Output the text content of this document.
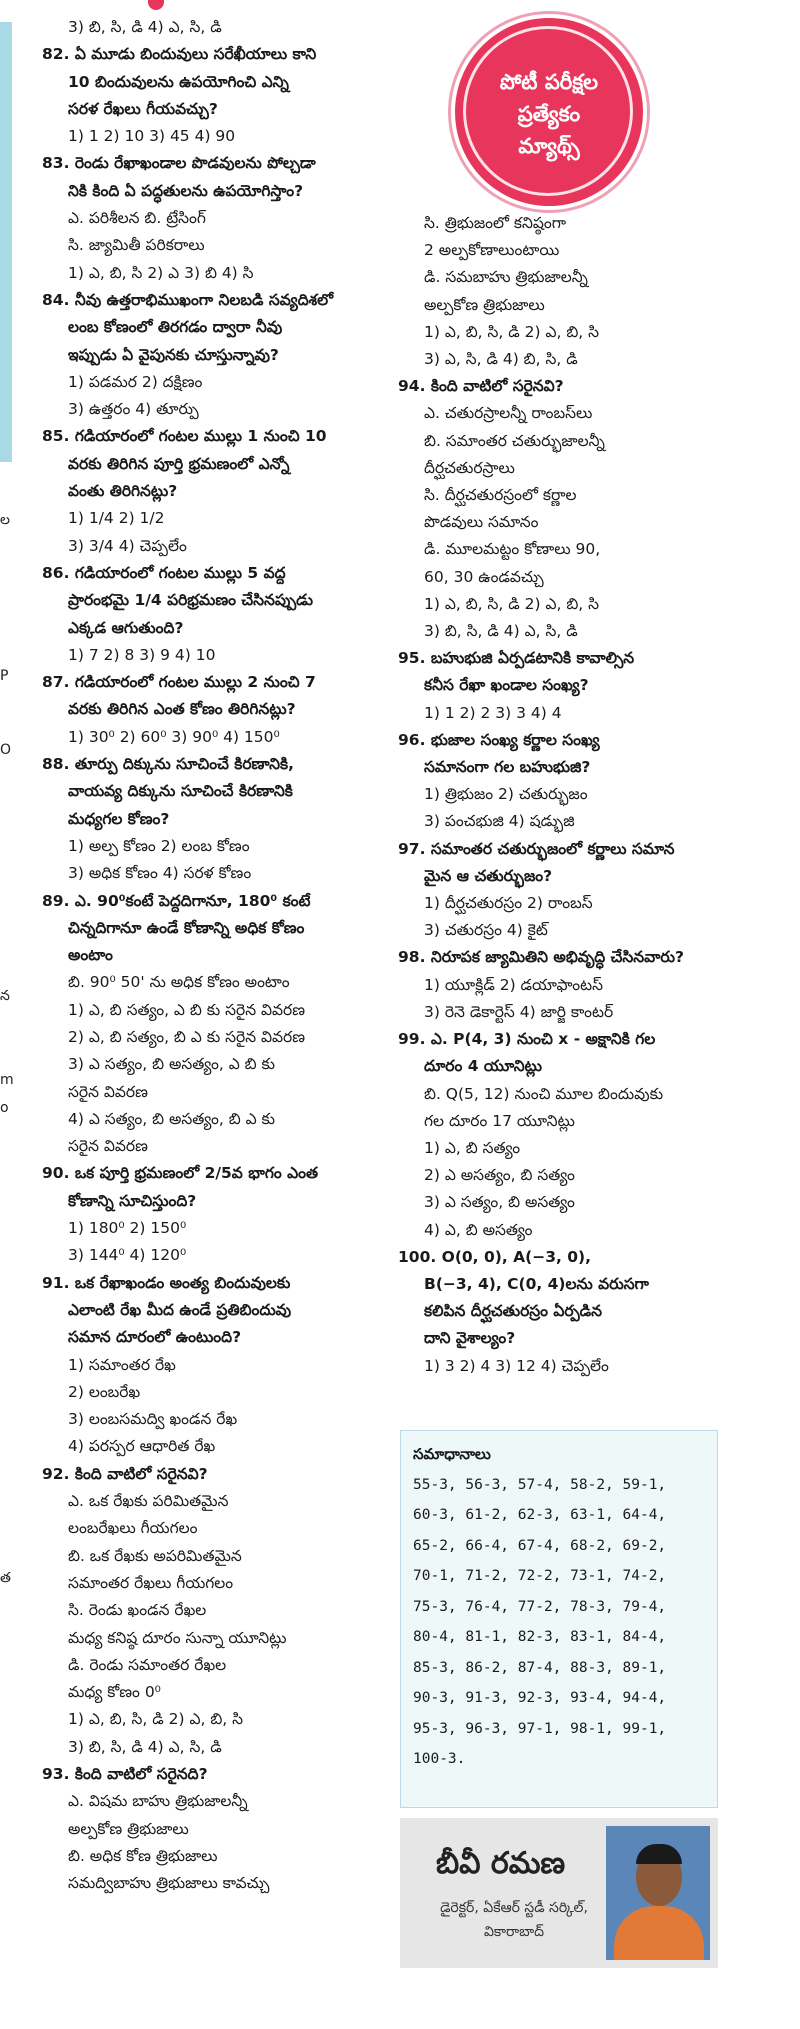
ల
P
O
న
m
o
త
3) బి, సి, డి 4) ఎ, సి, డి
82. ఏ మూడు బిందువులు సరేఖీయాలు కాని
10 బిందువులను ఉపయోగించి ఎన్ని
సరళ రేఖలు గీయవచ్చు?
1) 1 2) 10 3) 45 4) 90
83. రెండు రేఖాఖండాల పొడవులను పోల్చడా
నికి కింది ఏ పద్ధతులను ఉపయోగిస్తాం?
ఎ. పరిశీలన బి. ట్రేసింగ్
సి. జ్యామితీ పరికరాలు
1) ఎ, బి, సి 2) ఎ 3) బి 4) సి
84. నీవు ఉత్తరాభిముఖంగా నిలబడి సవ్యదిశలో
లంబ కోణంలో తిరగడం ద్వారా నీవు
ఇప్పుడు ఏ వైపునకు చూస్తున్నావు?
1) పడమర 2) దక్షిణం
3) ఉత్తరం 4) తూర్పు
85. గడియారంలో గంటల ముల్లు 1 నుంచి 10
వరకు తిరిగిన పూర్తి భ్రమణంలో ఎన్నో
వంతు తిరిగినట్లు?
1) 1/4 2) 1/2
3) 3/4 4) చెప్పలేం
86. గడియారంలో గంటల ముల్లు 5 వద్ద
ప్రారంభమై 1/4 పరిభ్రమణం చేసినప్పుడు
ఎక్కడ ఆగుతుంది?
1) 7 2) 8 3) 9 4) 10
87. గడియారంలో గంటల ముల్లు 2 నుంచి 7
వరకు తిరిగిన ఎంత కోణం తిరిగినట్లు?
1) 30⁰ 2) 60⁰ 3) 90⁰ 4) 150⁰
88. తూర్పు దిక్కును సూచించే కిరణానికి,
వాయవ్య దిక్కును సూచించే కిరణానికి
మధ్యగల కోణం?
1) అల్ప కోణం 2) లంబ కోణం
3) అధిక కోణం 4) సరళ కోణం
89. ఎ. 90⁰కంటే పెద్దదిగానూ, 180⁰ కంటే
చిన్నదిగానూ ఉండే కోణాన్ని అధిక కోణం
అంటాం
బి. 90⁰ 50' ను అధిక కోణం అంటాం
1) ఎ, బి సత్యం, ఎ బి కు సరైన వివరణ
2) ఎ, బి సత్యం, బి ఎ కు సరైన వివరణ
3) ఎ సత్యం, బి అసత్యం, ఎ బి కు
సరైన వివరణ
4) ఎ సత్యం, బి అసత్యం, బి ఎ కు
సరైన వివరణ
90. ఒక పూర్తి భ్రమణంలో 2/5వ భాగం ఎంత
కోణాన్ని సూచిస్తుంది?
1) 180⁰ 2) 150⁰
3) 144⁰ 4) 120⁰
91. ఒక రేఖాఖండం అంత్య బిందువులకు
ఎలాంటి రేఖ మీద ఉండే ప్రతిబిందువు
సమాన దూరంలో ఉంటుంది?
1) సమాంతర రేఖ
2) లంబరేఖ
3) లంబసమద్వి ఖండన రేఖ
4) పరస్పర ఆధారిత రేఖ
92. కింది వాటిలో సరైనవి?
ఎ. ఒక రేఖకు పరిమితమైన
లంబరేఖలు గీయగలం
బి. ఒక రేఖకు అపరిమితమైన
సమాంతర రేఖలు గీయగలం
సి. రెండు ఖండన రేఖల
మధ్య కనిష్ఠ దూరం సున్నా యూనిట్లు
డి. రెండు సమాంతర రేఖల
మధ్య కోణం 0⁰
1) ఎ, బి, సి, డి 2) ఎ, బి, సి
3) బి, సి, డి 4) ఎ, సి, డి
93. కింది వాటిలో సరైనది?
ఎ. విషమ బాహు త్రిభుజాలన్నీ
అల్పకోణ త్రిభుజాలు
బి. అధిక కోణ త్రిభుజాలు
సమద్విబాహు త్రిభుజాలు కావచ్చు
పోటీ పరీక్షల
ప్రత్యేకం
మ్యాథ్స్
సి. త్రిభుజంలో కనిష్ఠంగా
2 అల్పకోణాలుంటాయి
డి. సమబాహు త్రిభుజాలన్నీ
అల్పకోణ త్రిభుజాలు
1) ఎ, బి, సి, డి 2) ఎ, బి, సి
3) ఎ, సి, డి 4) బి, సి, డి
94. కింది వాటిలో సరైనవి?
ఎ. చతురస్రాలన్నీ రాంబస్‌లు
బి. సమాంతర చతుర్భుజాలన్నీ
దీర్ఘచతురస్రాలు
సి. దీర్ఘచతురస్రంలో కర్ణాల
పొడవులు సమానం
డి. మూలమట్టం కోణాలు 90,
60, 30 ఉండవచ్చు
1) ఎ, బి, సి, డి 2) ఎ, బి, సి
3) బి, సి, డి 4) ఎ, సి, డి
95. బహుభుజి ఏర్పడటానికి కావాల్సిన
కనీస రేఖా ఖండాల సంఖ్య?
1) 1 2) 2 3) 3 4) 4
96. భుజాల సంఖ్య కర్ణాల సంఖ్య
సమానంగా గల బహుభుజి?
1) త్రిభుజం 2) చతుర్భుజం
3) పంచభుజి 4) షడ్భుజి
97. సమాంతర చతుర్భుజంలో కర్ణాలు సమాన
మైన ఆ చతుర్భుజం?
1) దీర్ఘచతురస్రం 2) రాంబస్
3) చతురస్రం 4) కైట్
98. నిరూపక జ్యామితిని అభివృద్ధి చేసినవారు?
1) యూక్లిడ్ 2) డయాఫాంటస్
3) రెనె డెకార్టెస్ 4) జార్జి కాంటర్
99. ఎ. P(4, 3) నుంచి x - అక్షానికి గల
దూరం 4 యూనిట్లు
బి. Q(5, 12) నుంచి మూల బిందువుకు
గల దూరం 17 యూనిట్లు
1) ఎ, బి సత్యం
2) ఎ అసత్యం, బి సత్యం
3) ఎ సత్యం, బి అసత్యం
4) ఎ, బి అసత్యం
100. O(0, 0), A(−3, 0),
B(−3, 4), C(0, 4)లను వరుసగా
కలిపిన దీర్ఘచతురస్రం ఏర్పడిన
దాని వైశాల్యం?
1) 3 2) 4 3) 12 4) చెప్పలేం
సమాధానాలు
55-3, 56-3, 57-4, 58-2, 59-1,
60-3, 61-2, 62-3, 63-1, 64-4,
65-2, 66-4, 67-4, 68-2, 69-2,
70-1, 71-2, 72-2, 73-1, 74-2,
75-3, 76-4, 77-2, 78-3, 79-4,
80-4, 81-1, 82-3, 83-1, 84-4,
85-3, 86-2, 87-4, 88-3, 89-1,
90-3, 91-3, 92-3, 93-4, 94-4,
95-3, 96-3, 97-1, 98-1, 99-1,
100-3.
బీవీ రమణ
డైరెక్టర్, ఏకేఆర్ స్టడీ సర్కిల్,
వికారాబాద్
